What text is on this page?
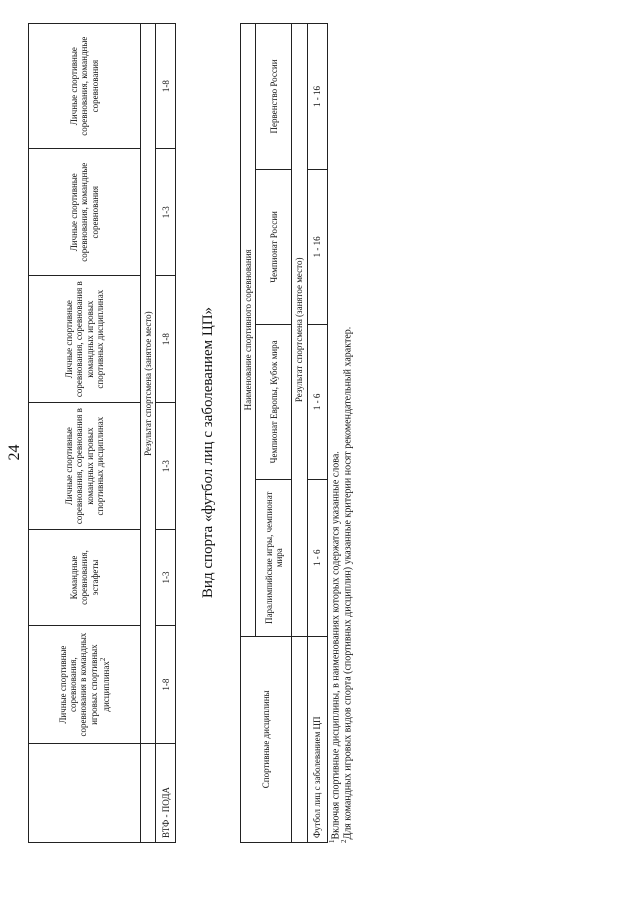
24
	Личные спортивные соревнования, соревнования в командных игровых спортивных дисциплинах$^2$	Командные соревнования, эстафеты	Личные спортивные соревнования, соревнования в командных игровых спортивных дисциплинах	Личные спортивные соревнования, соревнования в командных игровых спортивных дисциплинах	Личные спортивные соревнования, командные соревнования	Личные спортивные соревнования, командные соревнования
	Результат спортсмена (занятое место)					
ВТФ - ПОДА	1-8	1-3	1-3	1-8	1-3	1-8
Вид спорта «футбол лиц с заболеванием ЦП»
Спортивные дисциплины	Наименование спортивного соревнования			
	Паралимпийские игры, чемпионат мира	Чемпионат Европы, Кубок мира	Чемпионат России	Первенство России
	Результат спортсмена (занятое место)			
Футбол лиц с заболеванием ЦП	1 - 6	1 - 6	1 - 16	1 - 16
$^1$Включая спортивные дисциплины, в наименованиях которых содержатся указанные слова.
$^2$Для командных игровых видов спорта (спортивных дисциплин) указанные критерии носят рекомендательный характер.
